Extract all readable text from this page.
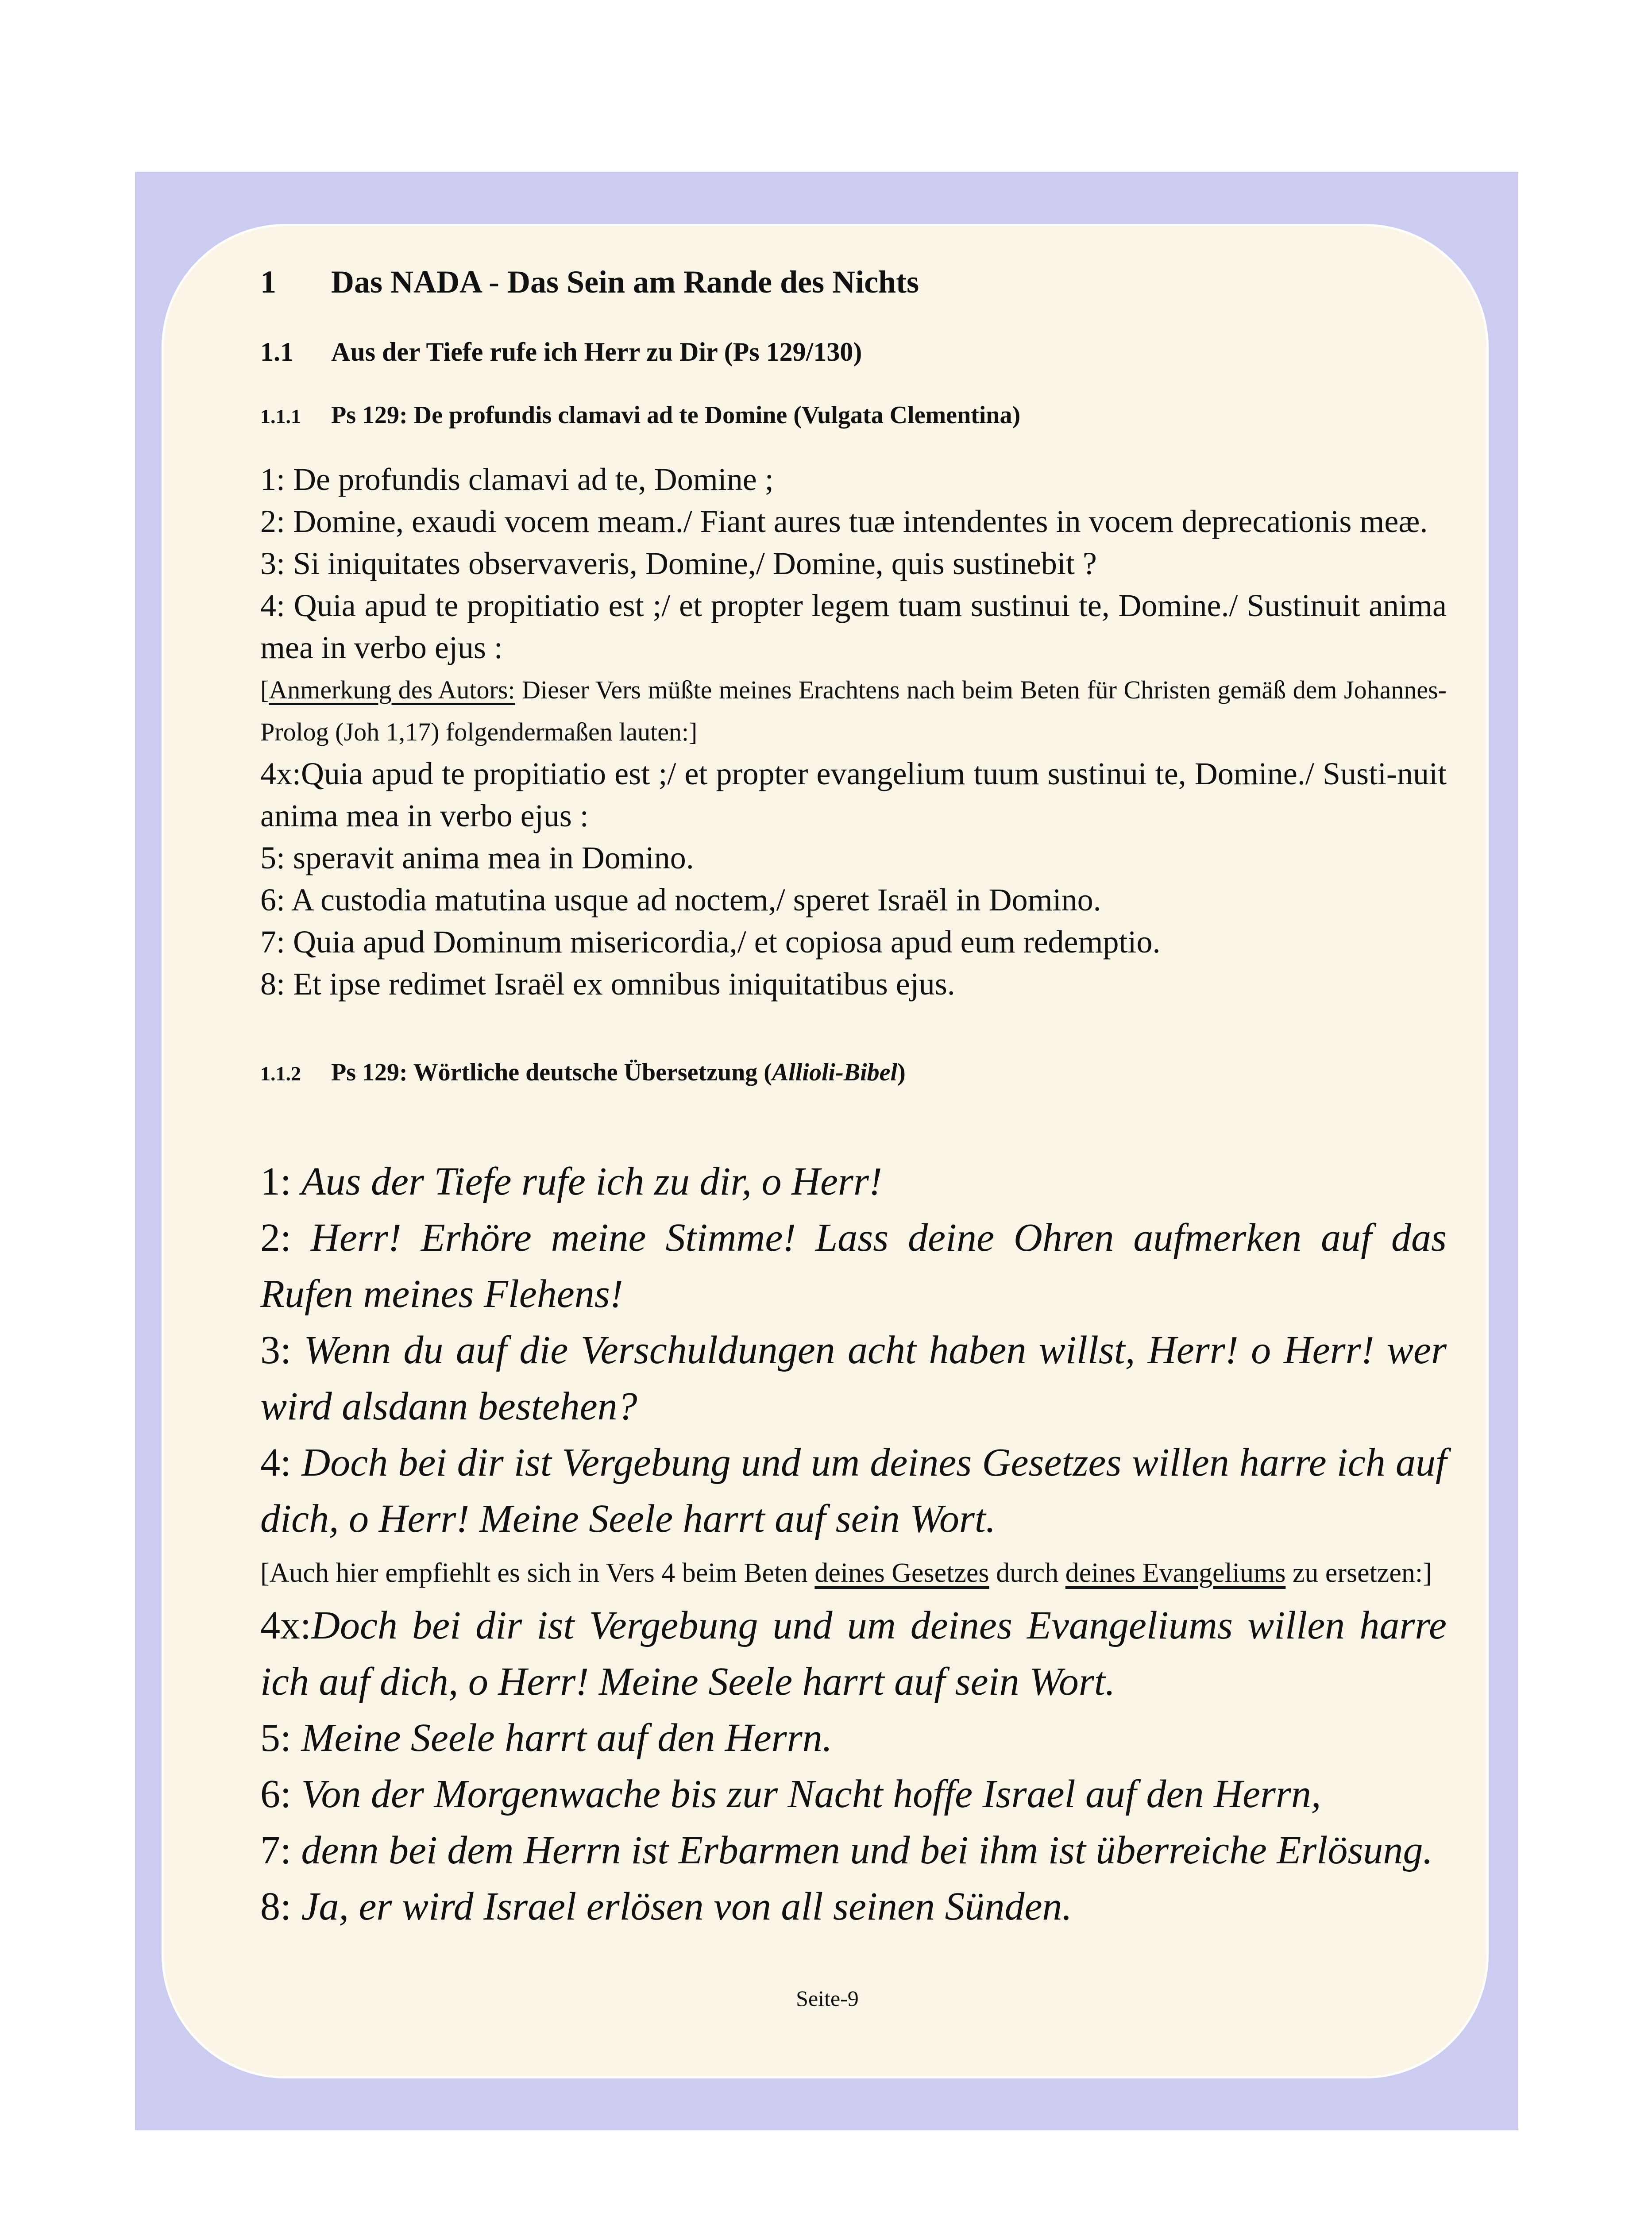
1 Das NADA - Das Sein am Rande des Nichts
1.1 Aus der Tiefe rufe ich Herr zu Dir (Ps 129/130)
1.1.1 Ps 129: De profundis clamavi ad te Domine (Vulgata Clementina)

1: De profundis clamavi ad te, Domine ;

2: Domine, exaudi vocem meam./ Fiant aures tuæ intendentes in vocem deprecationis meæ.

3: Si iniquitates observaveris, Domine,/ Domine, quis sustinebit ?

4: Quia apud te propitiatio est ;/ et propter legem tuam sustinui te, Domine./ Sustinuit anima mea in verbo ejus :

[Anmerkung des Autors: Dieser Vers müßte meines Erachtens nach beim Beten für Christen gemäß dem Johannes-Prolog (Joh 1,17) folgendermaßen lauten:]

4x:Quia apud te propitiatio est ;/ et propter evangelium tuum sustinui te, Domine./ Susti-nuit anima mea in verbo ejus :

5: speravit anima mea in Domino.

6: A custodia matutina usque ad noctem,/ speret Israël in Domino.

7: Quia apud Dominum misericordia,/ et copiosa apud eum redemptio.

8: Et ipse redimet Israël ex omnibus iniquitatibus ejus.

1.1.2 Ps 129: Wörtliche deutsche Übersetzung (Allioli-Bibel)

1: Aus der Tiefe rufe ich zu dir, o Herr!

2: Herr! Erhöre meine Stimme! Lass deine Ohren aufmerken auf das Rufen meines Flehens!

3: Wenn du auf die Verschuldungen acht haben willst, Herr! o Herr! wer wird alsdann bestehen?

4: Doch bei dir ist Vergebung und um deines Gesetzes willen harre ich auf dich, o Herr! Meine Seele harrt auf sein Wort.

[Auch hier empfiehlt es sich in Vers 4 beim Beten deines Gesetzes durch deines Evangeliums zu ersetzen:]

4x:Doch bei dir ist Vergebung und um deines Evangeliums willen harre ich auf dich, o Herr! Meine Seele harrt auf sein Wort.

5: Meine Seele harrt auf den Herrn.

6: Von der Morgenwache bis zur Nacht hoffe Israel auf den Herrn,

7: denn bei dem Herrn ist Erbarmen und bei ihm ist überreiche Erlösung.

8: Ja, er wird Israel erlösen von all seinen Sünden.

Seite-9
